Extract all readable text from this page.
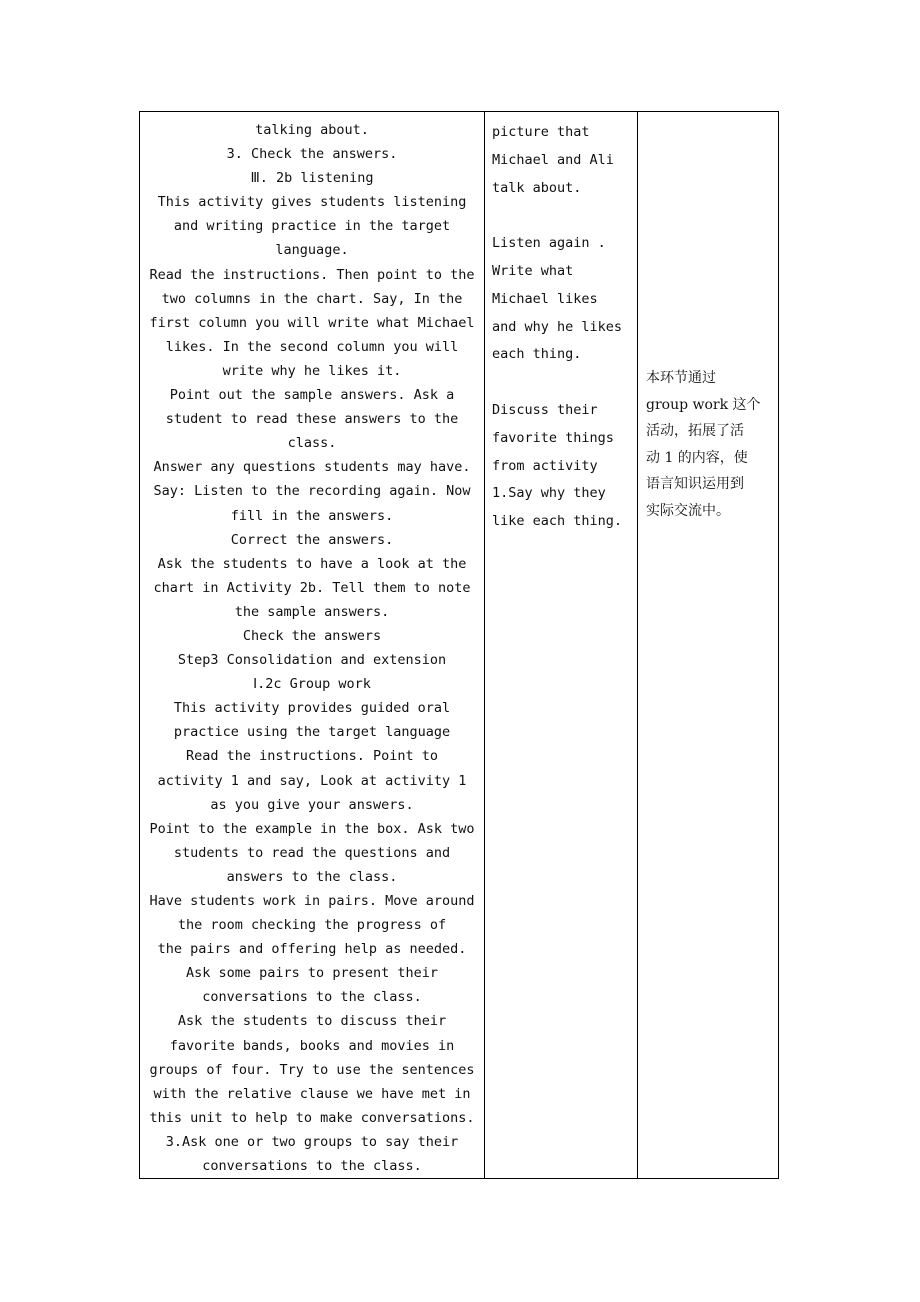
talking about.
3. Check the answers.
Ⅲ. 2b listening
This activity gives students listening
and writing practice in the target
language.
Read the instructions. Then point to the
two columns in the chart. Say, In the
first column you will write what Michael
likes. In the second column you will
write why he likes it.
Point out the sample answers. Ask a
student to read these answers to the
class.
Answer any questions students may have.
Say: Listen to the recording again. Now
fill in the answers.
Correct the answers.
Ask the students to have a look at the
chart in Activity 2b. Tell them to note
the sample answers.
Check the answers
Step3 Consolidation and extension
Ⅰ.2c Group work
This activity provides guided oral
practice using the target language
Read the instructions. Point to
activity 1 and say, Look at activity 1
as you give your answers.
Point to the example in the box. Ask two
students to read the questions and
answers to the class.
Have students work in pairs. Move around
the room checking the progress of
the pairs and offering help as needed.
Ask some pairs to present their
conversations to the class.
Ask the students to discuss their
favorite bands, books and movies in
groups of four. Try to use the sentences
with the relative clause we have met in
this unit to help to make conversations.
3.Ask one or two groups to say their
conversations to the class.

picture that
Michael and Ali
talk about.
Listen again .
Write what
Michael likes
and why he likes
each thing.
Discuss their
favorite things
from activity
1.Say why they
like each thing.

本环节通过
group work 这个
活动，拓展了活
动 1 的内容，使
语言知识运用到
实际交流中。
